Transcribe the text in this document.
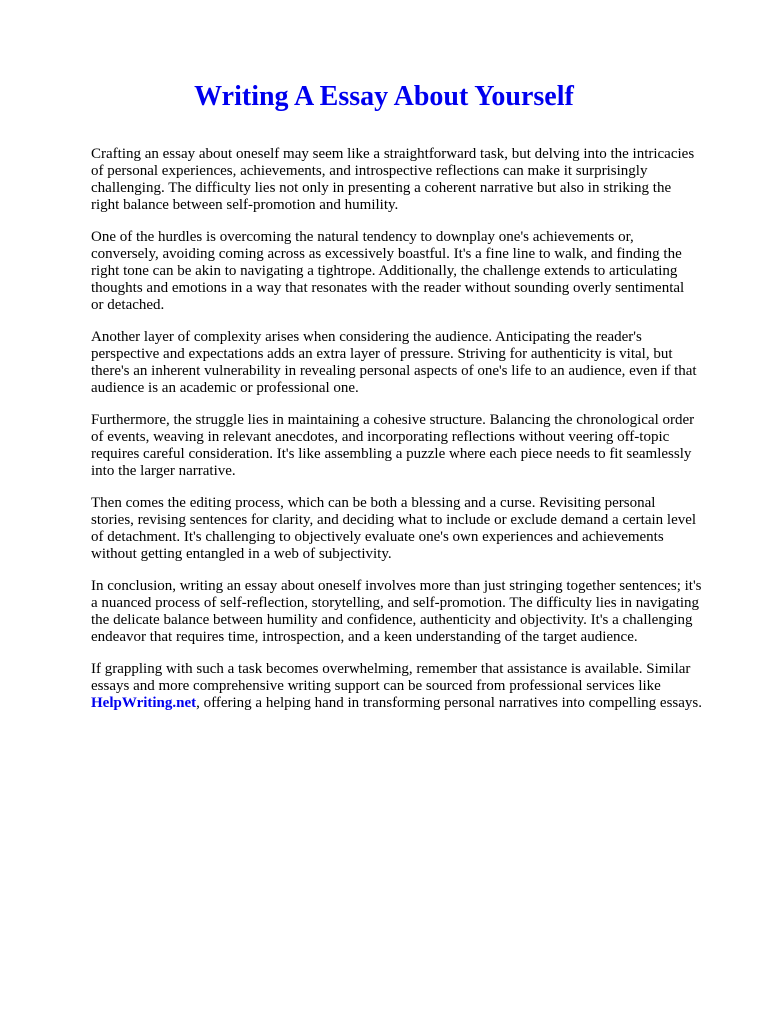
Writing A Essay About Yourself

Crafting an essay about oneself may seem like a straightforward task, but delving into the intricacies
of personal experiences, achievements, and introspective reflections can make it surprisingly
challenging. The difficulty lies not only in presenting a coherent narrative but also in striking the
right balance between self-promotion and humility.

One of the hurdles is overcoming the natural tendency to downplay one's achievements or,
conversely, avoiding coming across as excessively boastful. It's a fine line to walk, and finding the
right tone can be akin to navigating a tightrope. Additionally, the challenge extends to articulating
thoughts and emotions in a way that resonates with the reader without sounding overly sentimental
or detached.

Another layer of complexity arises when considering the audience. Anticipating the reader's
perspective and expectations adds an extra layer of pressure. Striving for authenticity is vital, but
there's an inherent vulnerability in revealing personal aspects of one's life to an audience, even if that
audience is an academic or professional one.

Furthermore, the struggle lies in maintaining a cohesive structure. Balancing the chronological order
of events, weaving in relevant anecdotes, and incorporating reflections without veering off-topic
requires careful consideration. It's like assembling a puzzle where each piece needs to fit seamlessly
into the larger narrative.

Then comes the editing process, which can be both a blessing and a curse. Revisiting personal
stories, revising sentences for clarity, and deciding what to include or exclude demand a certain level
of detachment. It's challenging to objectively evaluate one's own experiences and achievements
without getting entangled in a web of subjectivity.

In conclusion, writing an essay about oneself involves more than just stringing together sentences; it's
a nuanced process of self-reflection, storytelling, and self-promotion. The difficulty lies in navigating
the delicate balance between humility and confidence, authenticity and objectivity. It's a challenging
endeavor that requires time, introspection, and a keen understanding of the target audience.

If grappling with such a task becomes overwhelming, remember that assistance is available. Similar
essays and more comprehensive writing support can be sourced from professional services like
HelpWriting.net, offering a helping hand in transforming personal narratives into compelling essays.
